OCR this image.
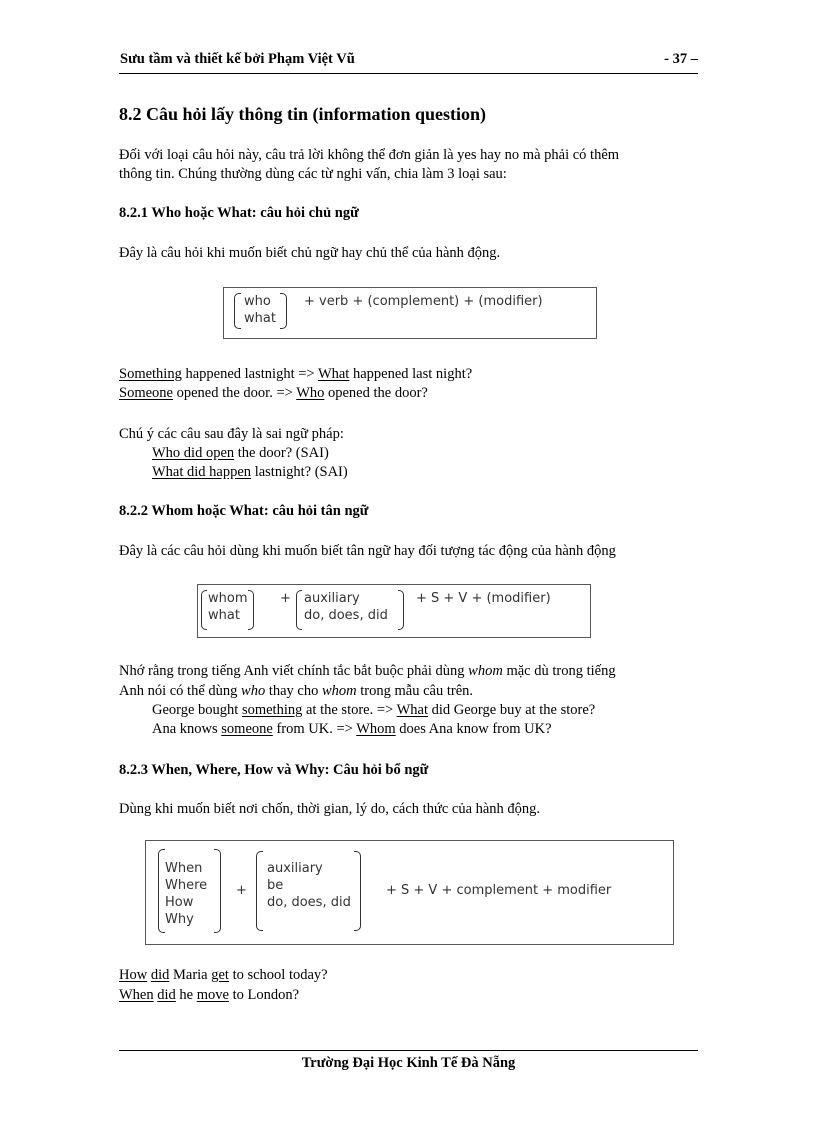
Sưu tầm và thiết kế bởi Phạm Việt Vũ	- 37 –
8.2 Câu hỏi lấy thông tin (information question)

Đối với loại câu hỏi này, câu trả lời không thể đơn giản là yes hay no mà phải có thêm

thông tin. Chúng thường dùng các từ nghi vấn, chia làm 3 loại sau:

8.2.1 Who hoặc What: câu hỏi chủ ngữ

Đây là câu hỏi khi muốn biết chủ ngữ hay chủ thể của hành động.

who
what
+ verb + (complement) + (modifier)

Something happened lastnight => What happened last night?

Someone opened the door. => Who opened the door?

Chú ý các câu sau đây là sai ngữ pháp:

Who did open the door? (SAI)

What did happen lastnight? (SAI)

8.2.2 Whom hoặc What: câu hỏi tân ngữ

Đây là các câu hỏi dùng khi muốn biết tân ngữ hay đối tượng tác động của hành động

whom
what
+ auxiliary
do, does, did
+ S + V + (modifier)

Nhớ rằng trong tiếng Anh viết chính tắc bắt buộc phải dùng whom mặc dù trong tiếng

Anh nói có thể dùng who thay cho whom trong mẫu câu trên.

George bought something at the store. => What did George buy at the store?

Ana knows someone from UK. => Whom does Ana know from UK?

8.2.3 When, Where, How và Why: Câu hỏi bổ ngữ

Dùng khi muốn biết nơi chốn, thời gian, lý do, cách thức của hành động.

When
Where
How
Why
+
auxiliary
be
do, does, did
+ S + V + complement + modifier

How did Maria get to school today?

When did he move to London?

Trường Đại Học Kinh Tế Đà Nẵng
